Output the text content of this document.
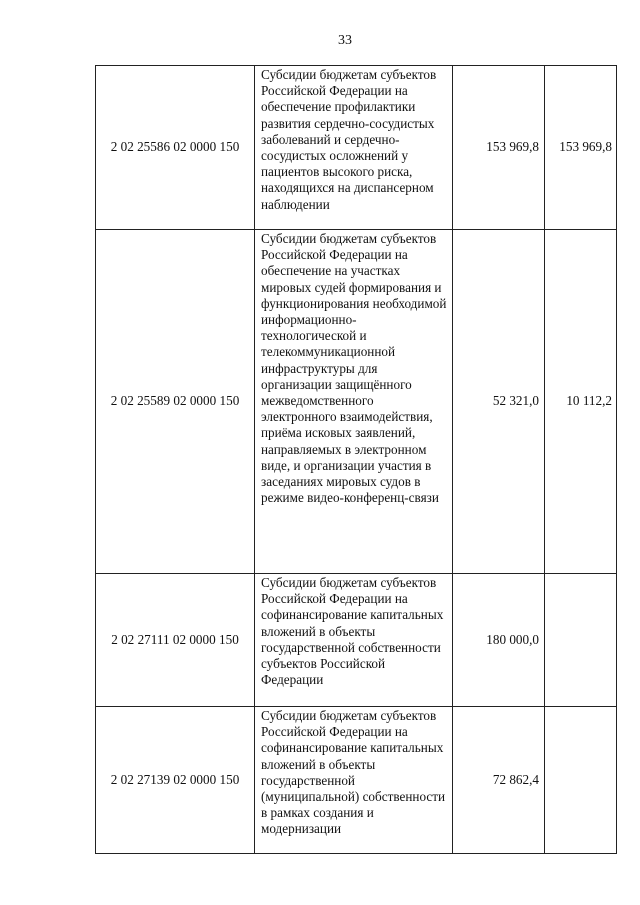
33
2 02 25586 02 0000 150	Субсидии бюджетам субъектов Российской Федерации на обеспечение профилактики развития сердечно-сосудистых заболеваний и сердечно-сосудистых осложнений у пациентов высокого риска, находящихся на диспансерном наблюдении	153 969,8	153 969,8
2 02 25589 02 0000 150	Субсидии бюджетам субъектов Российской Федерации на обеспечение на участках мировых судей формирования и функционирования необходимой информационно-технологической и телекоммуникационной инфраструктуры для организации защищённого межведомственного электронного взаимодействия, приёма исковых заявлений, направляемых в электронном виде, и организации участия в заседаниях мировых судов в режиме видео-конференц-связи	52 321,0	10 112,2
2 02 27111 02 0000 150	Субсидии бюджетам субъектов Российской Федерации на софинансирование капитальных вложений в объекты государственной собственности субъектов Российской Федерации	180 000,0	
2 02 27139 02 0000 150	Субсидии бюджетам субъектов Российской Федерации на софинансирование капитальных вложений в объекты государственной (муниципальной) собственности в рамках создания и модернизации	72 862,4	
